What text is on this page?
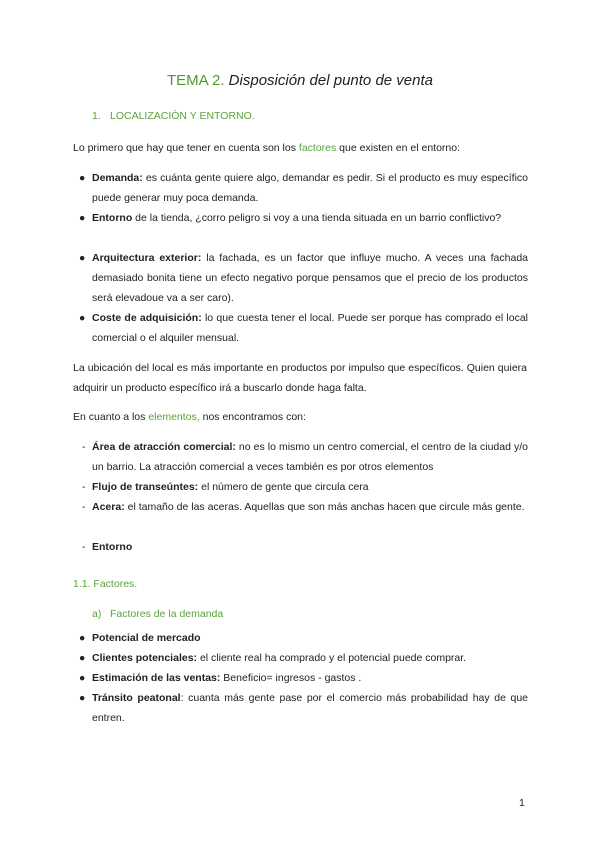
TEMA 2. Disposición del punto de venta
1. LOCALIZACIÓN Y ENTORNO.
Lo primero que hay que tener en cuenta son los factores que existen en el entorno:
● Demanda: es cuánta gente quiere algo, demandar es pedir. Si el producto es muy específico puede generar muy poca demanda.
● Entorno de la tienda, ¿corro peligro si voy a una tienda situada en un barrio conflictivo?
● Arquitectura exterior: la fachada, es un factor que influye mucho. A veces una fachada demasiado bonita tiene un efecto negativo porque pensamos que el precio de los productos será elevadoue va a ser caro).
● Coste de adquisición: lo que cuesta tener el local. Puede ser porque has comprado el local comercial o el alquiler mensual.
La ubicación del local es más importante en productos por impulso que específicos. Quien quiera adquirir un producto específico irá a buscarlo donde haga falta.
En cuanto a los elementos, nos encontramos con:
- Área de atracción comercial: no es lo mismo un centro comercial, el centro de la ciudad y/o un barrio. La atracción comercial a veces también es por otros elementos
- Flujo de transeúntes: el número de gente que circula cera
- Acera: el tamaño de las aceras. Aquellas que son más anchas hacen que circule más gente.
- Entorno
1.1. Factores.
a) Factores de la demanda
● Potencial de mercado
● Clientes potenciales: el cliente real ha comprado y el potencial puede comprar.
● Estimación de las ventas: Beneficio= ingresos - gastos .
● Tránsito peatonal: cuanta más gente pase por el comercio más probabilidad hay de que entren.
1
